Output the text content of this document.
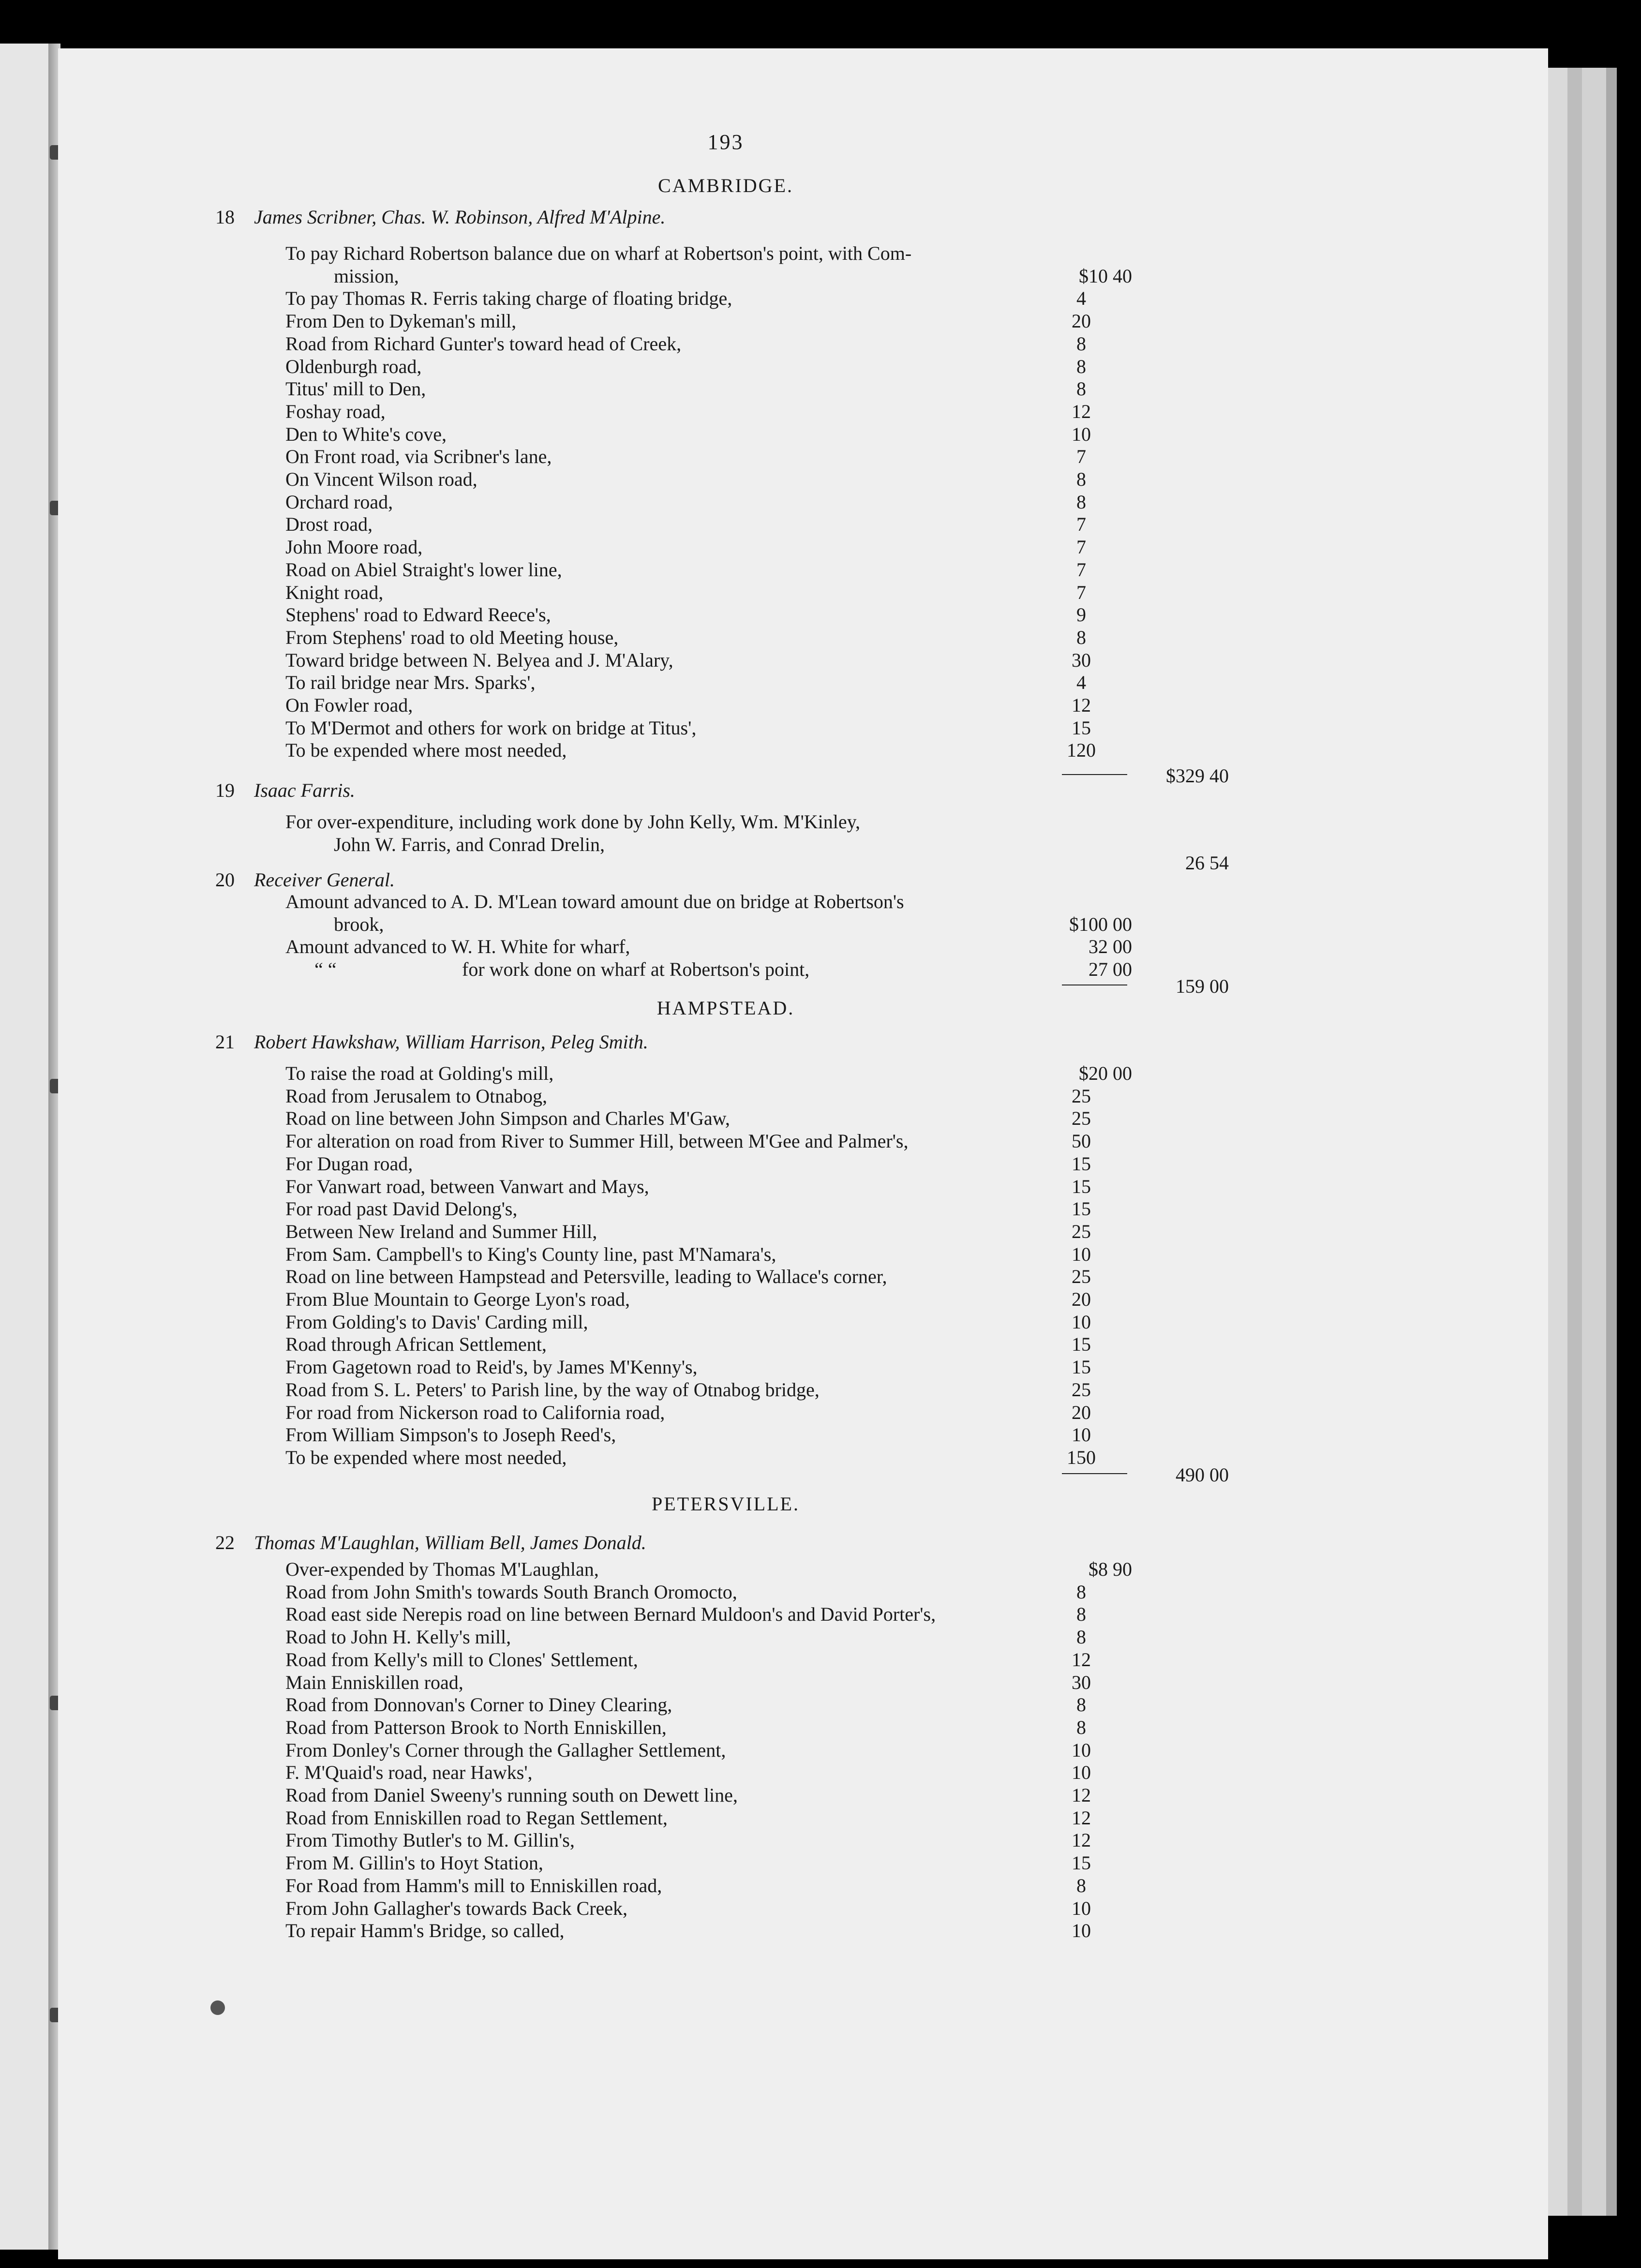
193
CAMBRIDGE.
18 James Scribner, Chas. W. Robinson, Alfred M'Alpine.
To pay Richard Robertson balance due on wharf at Robertson's point, with Com-
mission,	$10 40
To pay Thomas R. Ferris taking charge of floating bridge,	4
From Den to Dykeman's mill,	20
Road from Richard Gunter's toward head of Creek,	8
Oldenburgh road,	8
Titus' mill to Den,	8
Foshay road,	12
Den to White's cove,	10
On Front road, via Scribner's lane,	7
On Vincent Wilson road,	8
Orchard road,	8
Drost road,	7
John Moore road,	7
Road on Abiel Straight's lower line,	7
Knight road,	7
Stephens' road to Edward Reece's,	9
From Stephens' road to old Meeting house,	8
Toward bridge between N. Belyea and J. M'Alary,	30
To rail bridge near Mrs. Sparks',	4
On Fowler road,	12
To M'Dermot and others for work on bridge at Titus',	15
To be expended where most needed,	120
$329 40
19 Isaac Farris.
For over-expenditure, including work done by John Kelly, Wm. M'Kinley,
John W. Farris, and Conrad Drelin,
26 54
20 Receiver General.
Amount advanced to A. D. M'Lean toward amount due on bridge at Robertson's
brook,	$100 00
Amount advanced to W. H. White for wharf,	32 00
“ “	for work done on wharf at Robertson's point,	27 00
159 00
HAMPSTEAD.
21 Robert Hawkshaw, William Harrison, Peleg Smith.
To raise the road at Golding's mill,	$20 00
Road from Jerusalem to Otnabog,	25
Road on line between John Simpson and Charles M'Gaw,	25
For alteration on road from River to Summer Hill, between M'Gee and Palmer's,	50
For Dugan road,	15
For Vanwart road, between Vanwart and Mays,	15
For road past David Delong's,	15
Between New Ireland and Summer Hill,	25
From Sam. Campbell's to King's County line, past M'Namara's,	10
Road on line between Hampstead and Petersville, leading to Wallace's corner,	25
From Blue Mountain to George Lyon's road,	20
From Golding's to Davis' Carding mill,	10
Road through African Settlement,	15
From Gagetown road to Reid's, by James M'Kenny's,	15
Road from S. L. Peters' to Parish line, by the way of Otnabog bridge,	25
For road from Nickerson road to California road,	20
From William Simpson's to Joseph Reed's,	10
To be expended where most needed,	150
490 00
PETERSVILLE.
22 Thomas M'Laughlan, William Bell, James Donald.
Over-expended by Thomas M'Laughlan,	$8 90
Road from John Smith's towards South Branch Oromocto,	8
Road east side Nerepis road on line between Bernard Muldoon's and David Porter's,	8
Road to John H. Kelly's mill,	8
Road from Kelly's mill to Clones' Settlement,	12
Main Enniskillen road,	30
Road from Donnovan's Corner to Diney Clearing,	8
Road from Patterson Brook to North Enniskillen,	8
From Donley's Corner through the Gallagher Settlement,	10
F. M'Quaid's road, near Hawks',	10
Road from Daniel Sweeny's running south on Dewett line,	12
Road from Enniskillen road to Regan Settlement,	12
From Timothy Butler's to M. Gillin's,	12
From M. Gillin's to Hoyt Station,	15
For Road from Hamm's mill to Enniskillen road,	8
From John Gallagher's towards Back Creek,	10
To repair Hamm's Bridge, so called,	10
